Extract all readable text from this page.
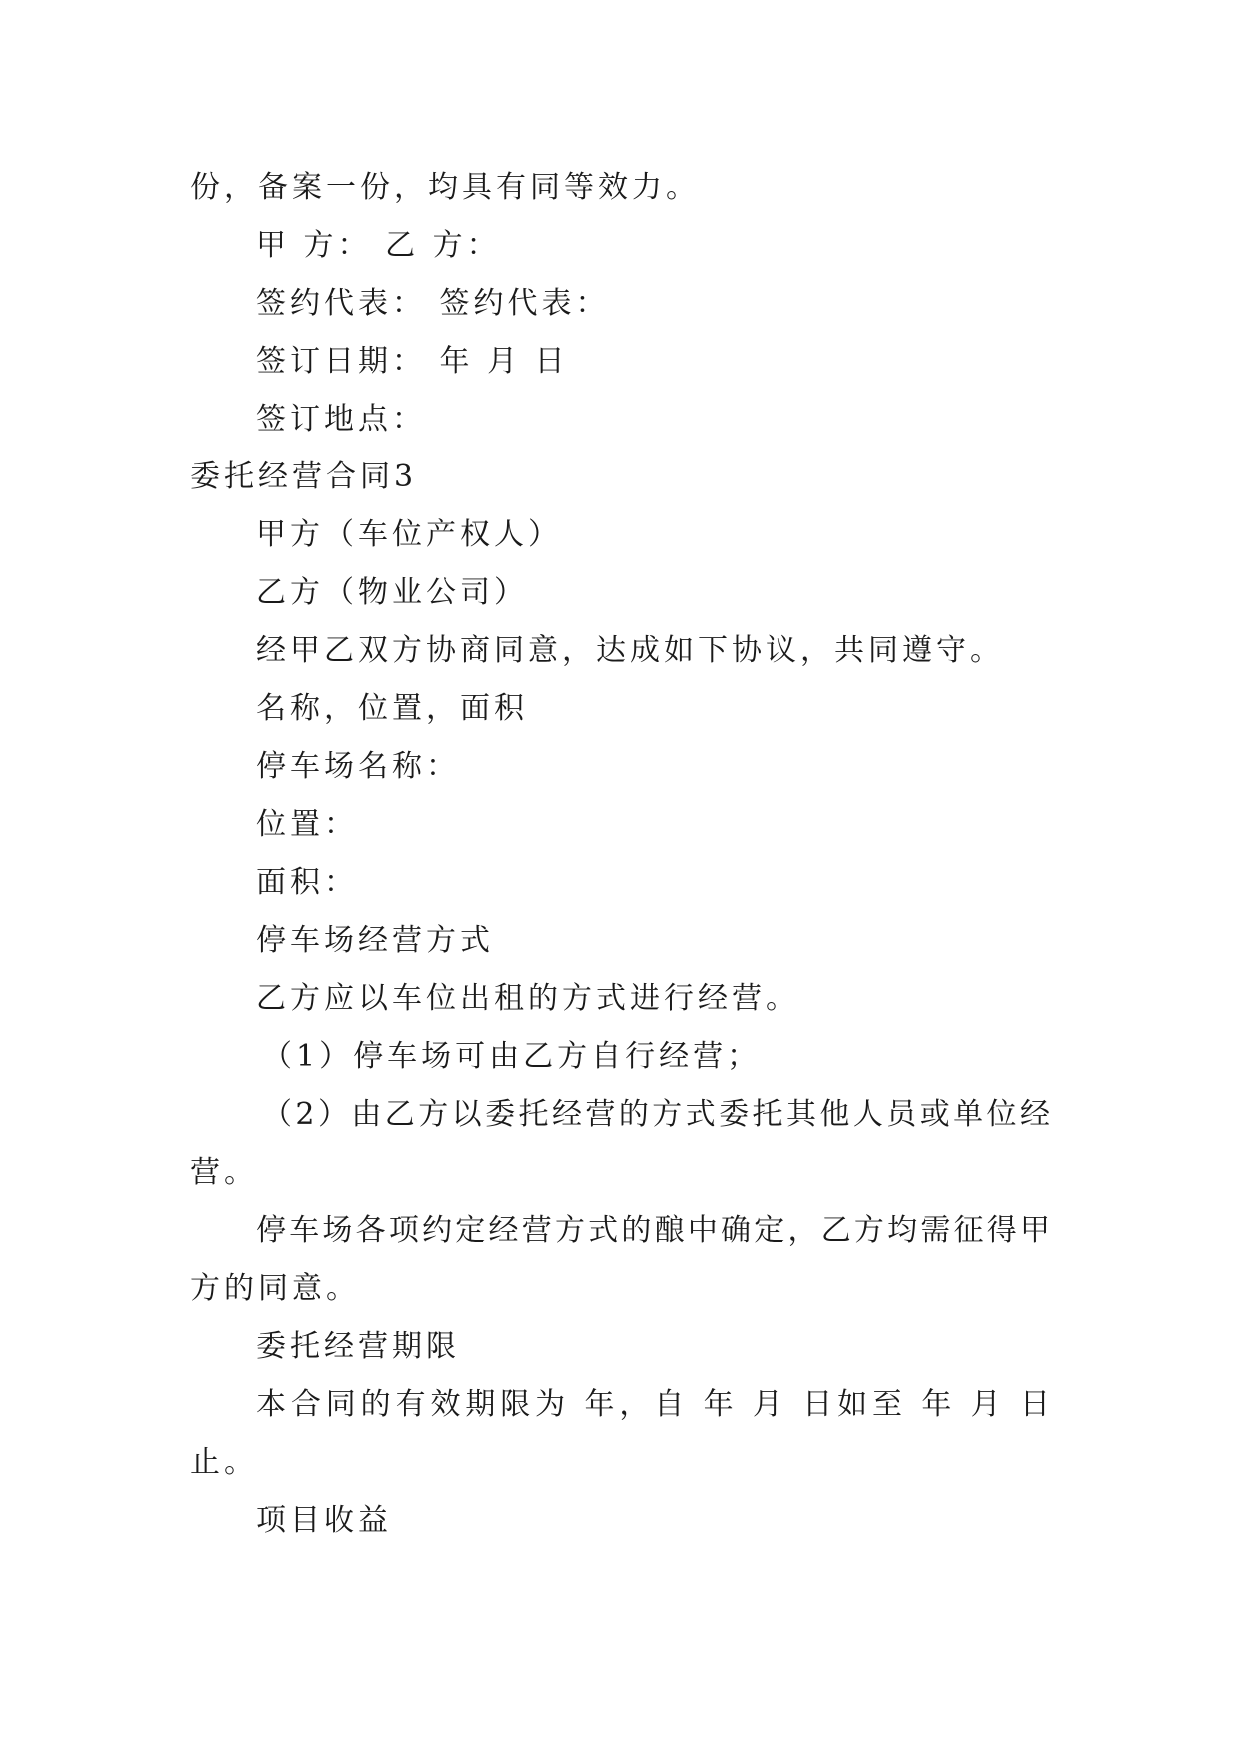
份，备案一份，均具有同等效力。
甲 方： 乙 方：
签约代表： 签约代表：
签订日期： 年 月 日
签订地点：
委托经营合同3
甲方（车位产权人）
乙方（物业公司）
经甲乙双方协商同意，达成如下协议，共同遵守。
名称，位置，面积
停车场名称：
位置：
面积：
停车场经营方式
乙方应以车位出租的方式进行经营。
（1）停车场可由乙方自行经营；
（2）由乙方以委托经营的方式委托其他人员或单位经
营。
停车场各项约定经营方式的酿中确定，乙方均需征得甲
方的同意。
委托经营期限
本合同的有效期限为 年，自 年 月 日如至 年 月 日
止。
项目收益
